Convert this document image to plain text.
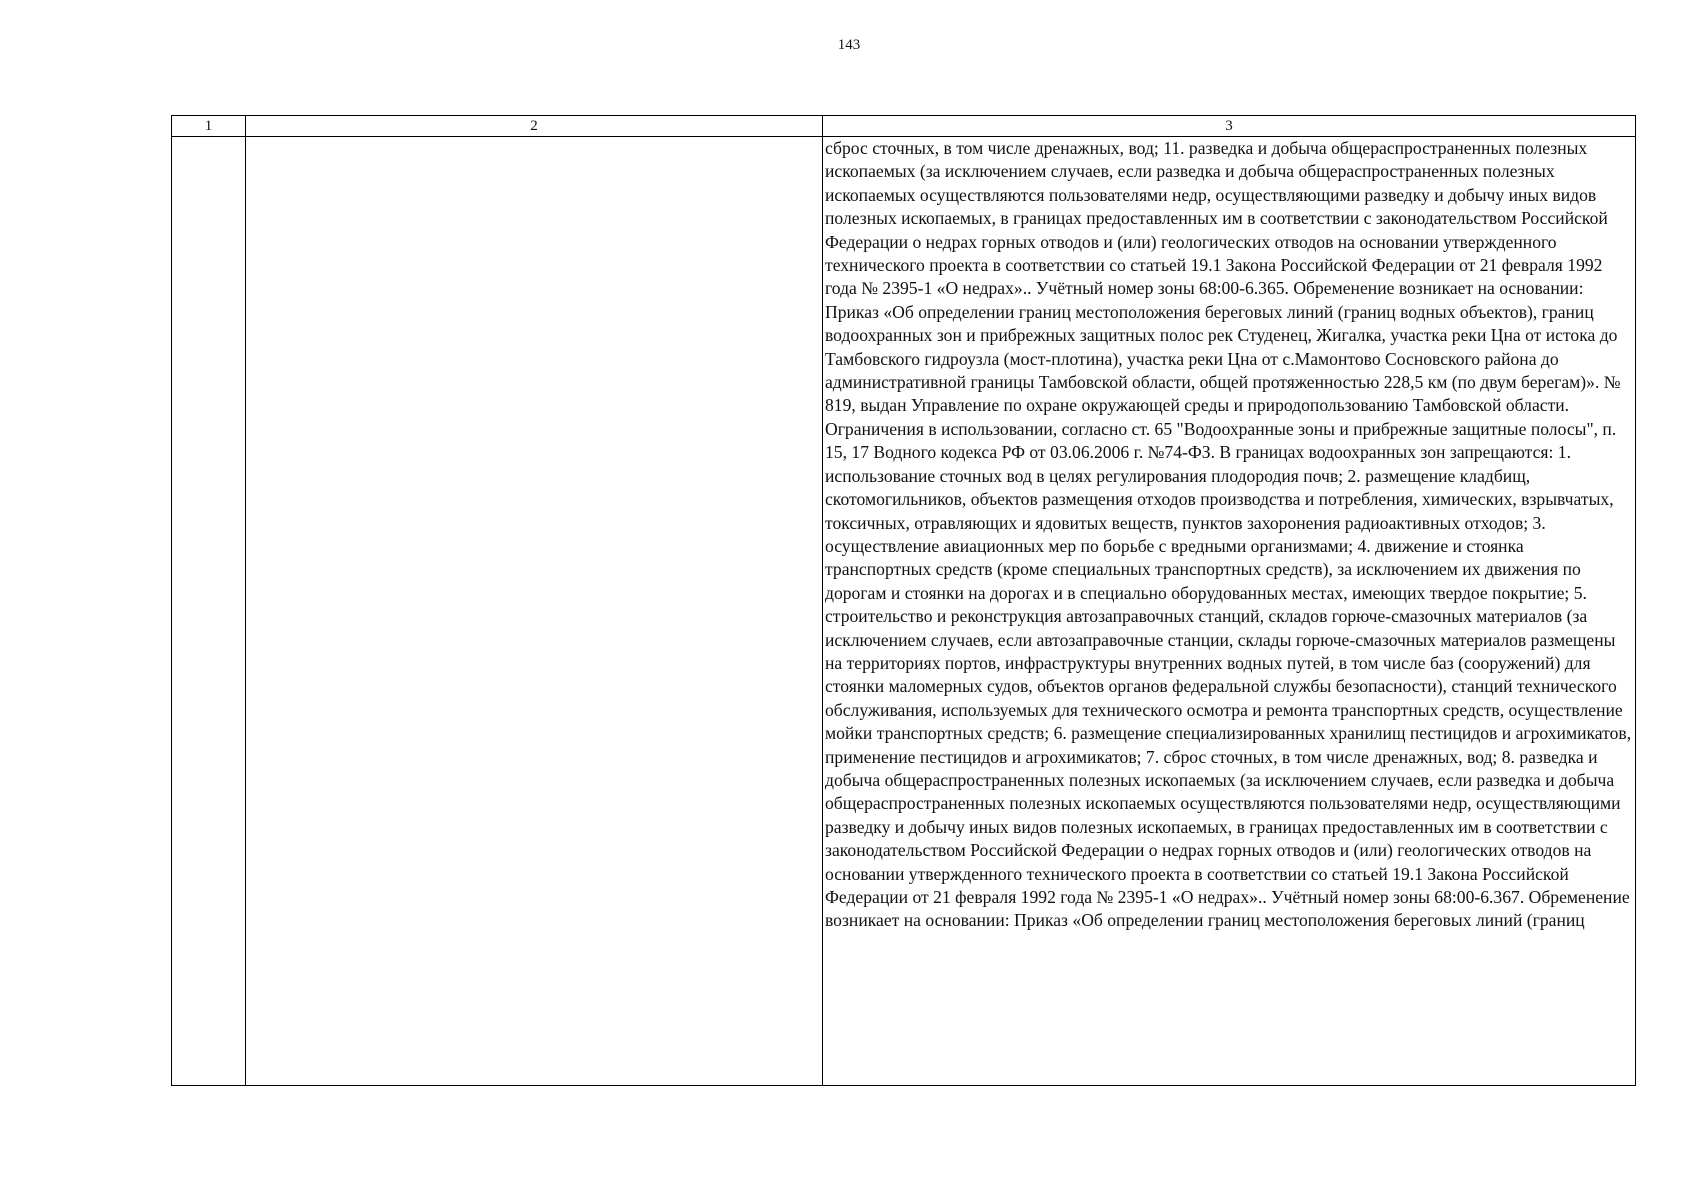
143
1	2	3

		сброс сточных, в том числе дренажных, вод; 11. разведка и добыча общераспространенных полезных ископаемых (за исключением случаев, если разведка и добыча общераспространенных полезных ископаемых осуществляются пользователями недр, осуществляющими разведку и добычу иных видов полезных ископаемых, в границах предоставленных им в соответствии с законодательством Российской Федерации о недрах горных отводов и (или) геологических отводов на основании утвержденного технического проекта в соответствии со статьей 19.1 Закона Российской Федерации от 21 февраля 1992 года № 2395-1 «О недрах».. Учётный номер зоны 68:00-6.365. Обременение возникает на основании: Приказ «Об определении границ местоположения береговых линий (границ водных объектов), границ водоохранных зон и прибрежных защитных полос рек Студенец, Жигалка, участка реки Цна от истока до Тамбовского гидроузла (мост-плотина), участка реки Цна от с.Мамонтово Сосновского района до административной границы Тамбовской области, общей протяженностью 228,5 км (по двум берегам)». № 819, выдан Управление по охране окружающей среды и природопользованию Тамбовской области.

Ограничения в использовании, согласно ст. 65 "Водоохранные зоны и прибрежные защитные полосы", п. 15, 17 Водного кодекса РФ от 03.06.2006 г. №74-ФЗ. В границах водоохранных зон запрещаются: 1. использование сточных вод в целях регулирования плодородия почв; 2. размещение кладбищ, скотомогильников, объектов размещения отходов производства и потребления, химических, взрывчатых, токсичных, отравляющих и ядовитых веществ, пунктов захоронения радиоактивных отходов; 3. осуществление авиационных мер по борьбе с вредными организмами; 4. движение и стоянка транспортных средств (кроме специальных транспортных средств), за исключением их движения по дорогам и стоянки на дорогах и в специально оборудованных местах, имеющих твердое покрытие; 5. строительство и реконструкция автозаправочных станций, складов горюче-смазочных материалов (за исключением случаев, если автозаправочные станции, склады горюче-смазочных материалов размещены на территориях портов, инфраструктуры внутренних водных путей, в том числе баз (сооружений) для стоянки маломерных судов, объектов органов федеральной службы безопасности), станций технического обслуживания, используемых для технического осмотра и ремонта транспортных средств, осуществление мойки транспортных средств; 6. размещение специализированных хранилищ пестицидов и агрохимикатов, применение пестицидов и агрохимикатов; 7. сброс сточных, в том числе дренажных, вод; 8. разведка и добыча общераспространенных полезных ископаемых (за исключением случаев, если разведка и добыча общераспространенных полезных ископаемых осуществляются пользователями недр, осуществляющими разведку и добычу иных видов полезных ископаемых, в границах предоставленных им в соответствии с законодательством Российской Федерации о недрах горных отводов и (или) геологических отводов на основании утвержденного технического проекта в соответствии со статьей 19.1 Закона Российской Федерации от 21 февраля 1992 года № 2395-1 «О недрах».. Учётный номер зоны 68:00-6.367. Обременение возникает на основании: Приказ «Об определении границ местоположения береговых линий (границ
